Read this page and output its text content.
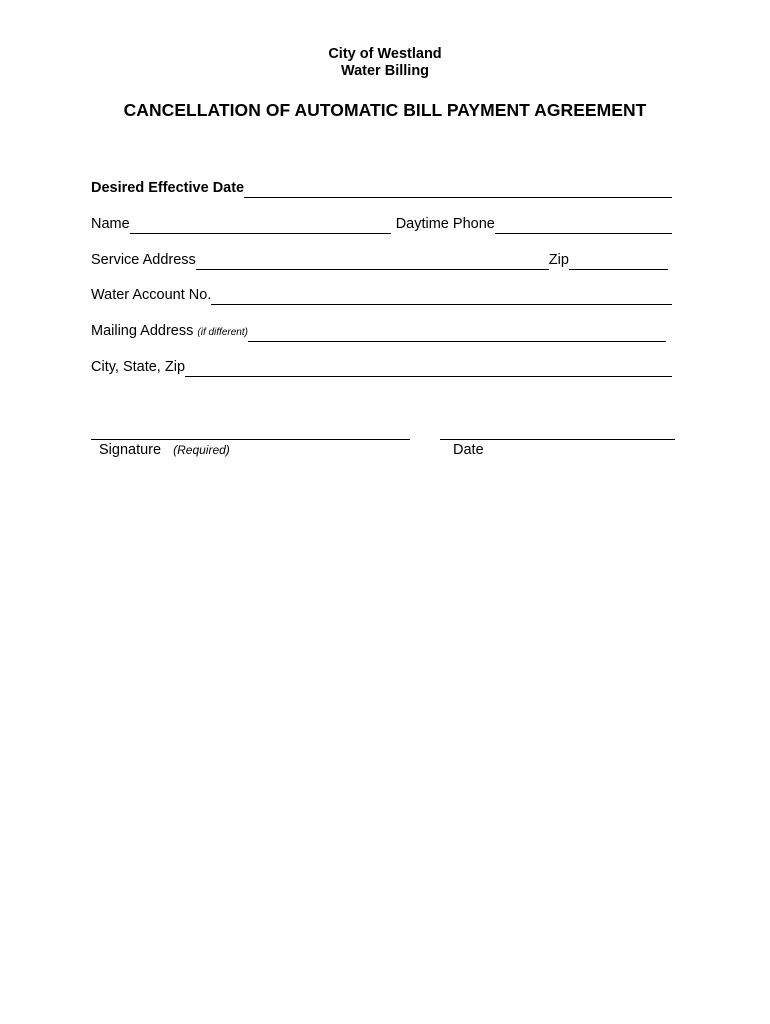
City of Westland
Water Billing
CANCELLATION OF AUTOMATIC BILL PAYMENT AGREEMENT
Desired Effective Date
Name	Daytime Phone
Service Address	Zip
Water Account No.
Mailing Address (if different)
City, State, Zip
Signature (Required)	Date
